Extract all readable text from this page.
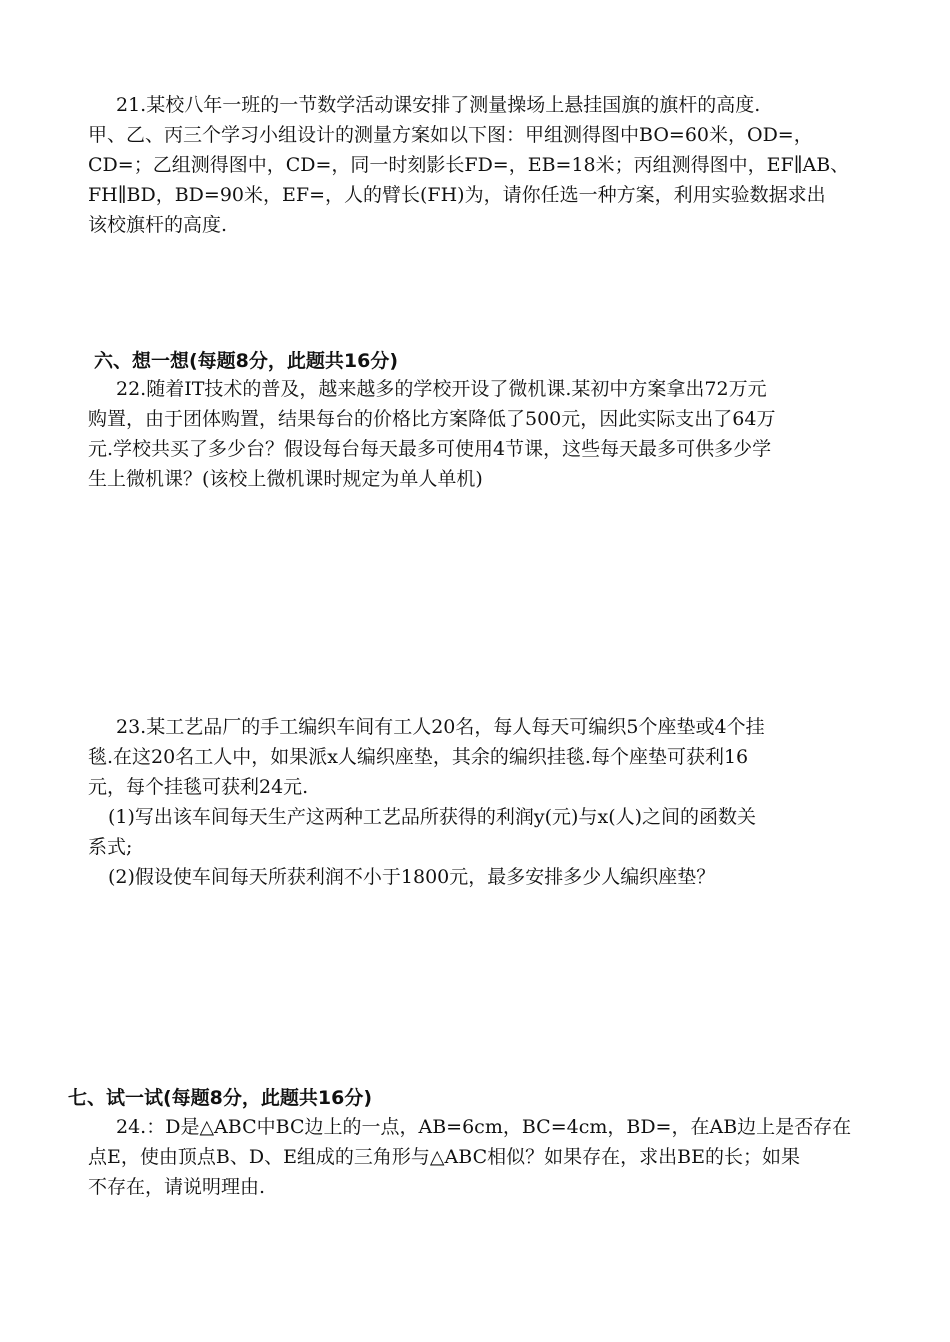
21.某校八年一班的一节数学活动课安排了测量操场上悬挂国旗的旗杆的高度.
甲、乙、丙三个学习小组设计的测量方案如以下图：甲组测得图中BO=60米，OD=，
CD=；乙组测得图中，CD=，同一时刻影长FD=，EB=18米；丙组测得图中，EF∥AB、
FH∥BD，BD=90米，EF=，人的臂长(FH)为，请你任选一种方案，利用实验数据求出
该校旗杆的高度.
六、想一想(每题8分，此题共16分)
22.随着IT技术的普及，越来越多的学校开设了微机课.某初中方案拿出72万元
购置，由于团体购置，结果每台的价格比方案降低了500元，因此实际支出了64万
元.学校共买了多少台？假设每台每天最多可使用4节课，这些每天最多可供多少学
生上微机课？(该校上微机课时规定为单人单机)
23.某工艺品厂的手工编织车间有工人20名，每人每天可编织5个座垫或4个挂
毯.在这20名工人中，如果派x人编织座垫，其余的编织挂毯.每个座垫可获利16
元，每个挂毯可获利24元.
(1)写出该车间每天生产这两种工艺品所获得的利润y(元)与x(人)之间的函数关
系式;
(2)假设使车间每天所获利润不小于1800元，最多安排多少人编织座垫？
七、试一试(每题8分，此题共16分)
24.：D是△ABC中BC边上的一点，AB=6cm，BC=4cm，BD=，在AB边上是否存在
点E，使由顶点B、D、E组成的三角形与△ABC相似？如果存在，求出BE的长；如果
不存在，请说明理由.
